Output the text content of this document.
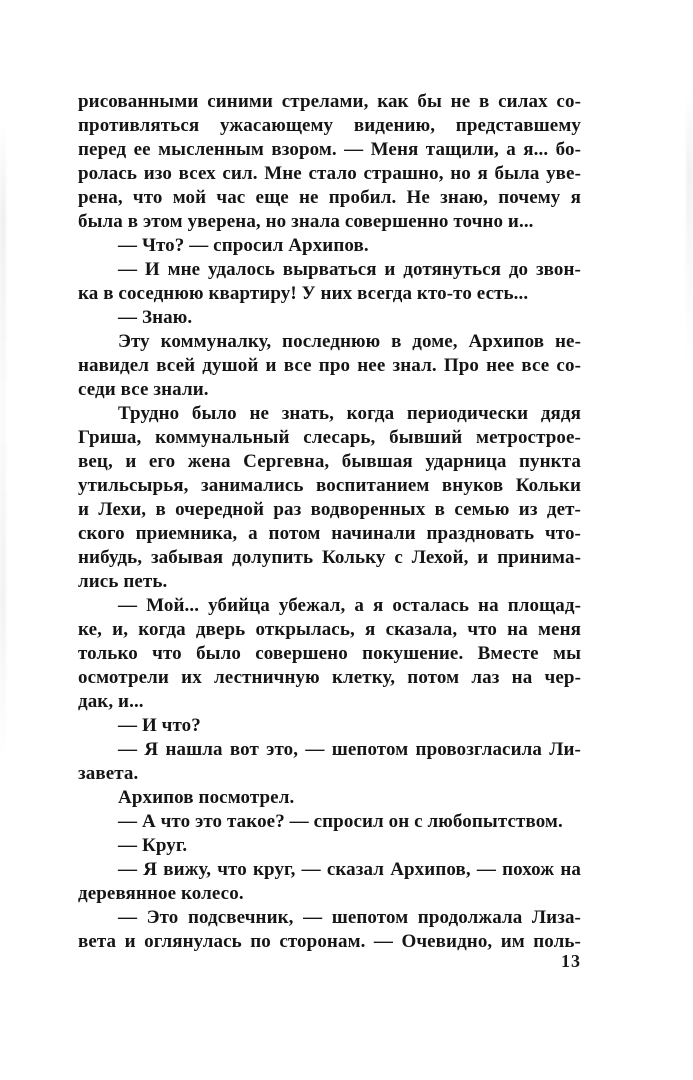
рисованными синими стрелами, как бы не в силах со-
противляться ужасающему видению, представшему
перед ее мысленным взором. — Меня тащили, а я... бо-
ролась изо всех сил. Мне стало страшно, но я была уве-
рена, что мой час еще не пробил. Не знаю, почему я
была в этом уверена, но знала совершенно точно и...
— Что? — спросил Архипов.
— И мне удалось вырваться и дотянуться до звон-
ка в соседнюю квартиру! У них всегда кто-то есть...
— Знаю.
Эту коммуналку, последнюю в доме, Архипов не-
навидел всей душой и все про нее знал. Про нее все со-
седи все знали.
Трудно было не знать, когда периодически дядя
Гриша, коммунальный слесарь, бывший метрострое-
вец, и его жена Сергевна, бывшая ударница пункта
утильсырья, занимались воспитанием внуков Кольки
и Лехи, в очередной раз водворенных в семью из дет-
ского приемника, а потом начинали праздновать что-
нибудь, забывая долупить Кольку с Лехой, и принима-
лись петь.
— Мой... убийца убежал, а я осталась на площад-
ке, и, когда дверь открылась, я сказала, что на меня
только что было совершено покушение. Вместе мы
осмотрели их лестничную клетку, потом лаз на чер-
дак, и...
— И что?
— Я нашла вот это, — шепотом провозгласила Ли-
завета.
Архипов посмотрел.
— А что это такое? — спросил он с любопытством.
— Круг.
— Я вижу, что круг, — сказал Архипов, — похож на
деревянное колесо.
— Это подсвечник, — шепотом продолжала Лиза-
вета и оглянулась по сторонам. — Очевидно, им поль-
13
